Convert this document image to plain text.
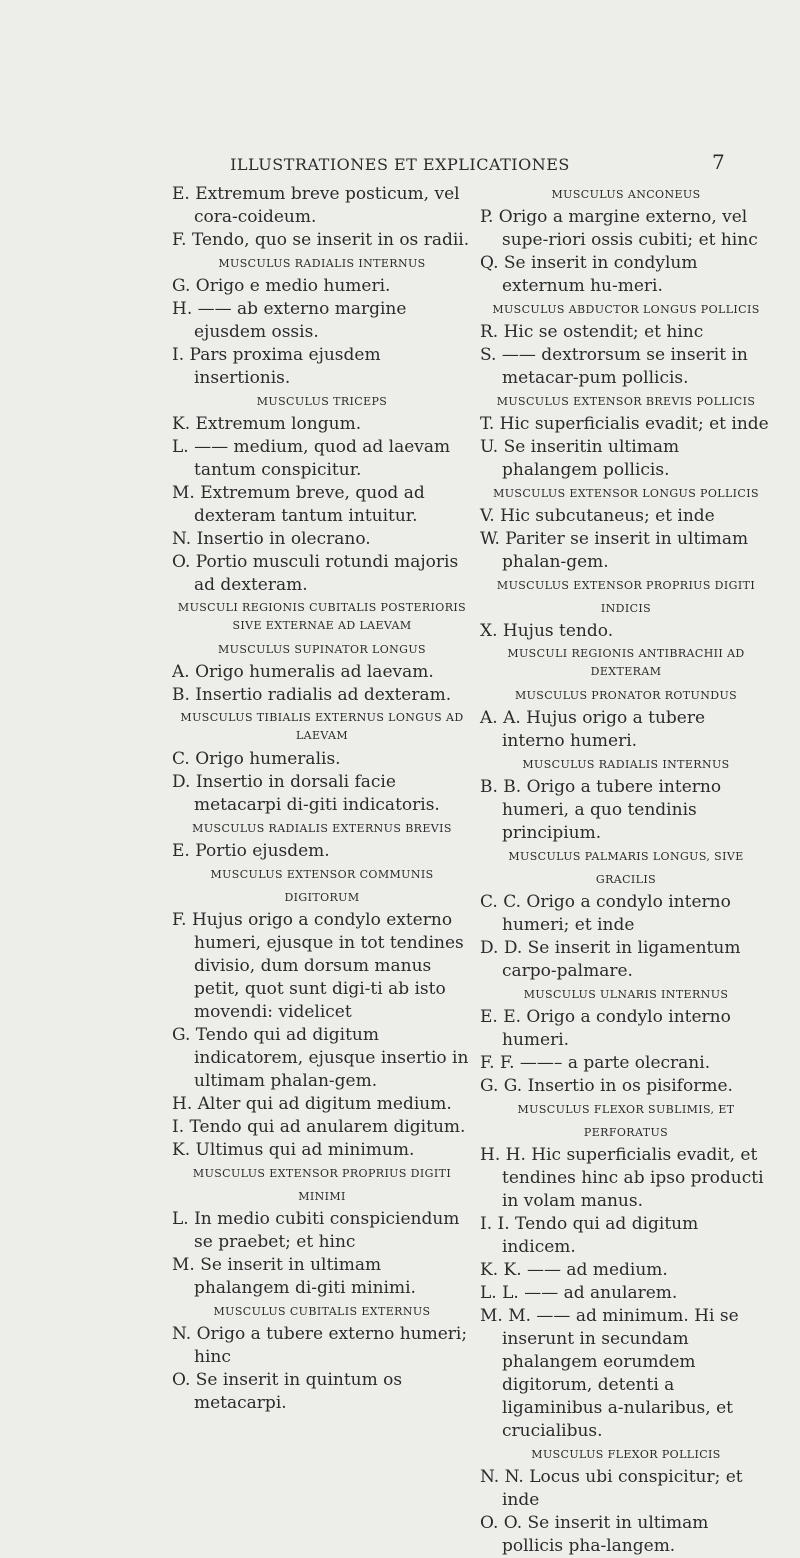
ILLUSTRATIONES ET EXPLICATIONES	7
E. Extremum breve posticum, vel cora-coideum.
F. Tendo, quo se inserit in os radii.
MUSCULUS RADIALIS INTERNUS
G. Origo e medio humeri.
H. —— ab externo margine ejusdem ossis.
I. Pars proxima ejusdem insertionis.
MUSCULUS TRICEPS
K. Extremum longum.
L. —— medium, quod ad laevam tantum conspicitur.
M. Extremum breve, quod ad dexteram tantum intuitur.
N. Insertio in olecrano.
O. Portio musculi rotundi majoris ad dexteram.
MUSCULI REGIONIS CUBITALIS POSTERIORIS SIVE EXTERNAE AD LAEVAM
MUSCULUS SUPINATOR LONGUS
A. Origo humeralis ad laevam.
B. Insertio radialis ad dexteram.
MUSCULUS TIBIALIS EXTERNUS LONGUS AD LAEVAM
C. Origo humeralis.
D. Insertio in dorsali facie metacarpi di-giti indicatoris.
MUSCULUS RADIALIS EXTERNUS BREVIS
E. Portio ejusdem.
MUSCULUS EXTENSOR COMMUNIS DIGITORUM
F. Hujus origo a condylo externo humeri, ejusque in tot tendines divisio, dum dorsum manus petit, quot sunt digi-ti ab isto movendi: videlicet
G. Tendo qui ad digitum indicatorem, ejusque insertio in ultimam phalan-gem.
H. Alter qui ad digitum medium.
I. Tendo qui ad anularem digitum.
K. Ultimus qui ad minimum.
MUSCULUS EXTENSOR PROPRIUS DIGITI MINIMI
L. In medio cubiti conspiciendum se praebet; et hinc
M. Se inserit in ultimam phalangem di-giti minimi.
MUSCULUS CUBITALIS EXTERNUS
N. Origo a tubere externo humeri; hinc
O. Se inserit in quintum os metacarpi.
MUSCULUS ANCONEUS
P. Origo a margine externo, vel supe-riori ossis cubiti; et hinc
Q. Se inserit in condylum externum hu-meri.
MUSCULUS ABDUCTOR LONGUS POLLICIS
R. Hic se ostendit; et hinc
S. —— dextrorsum se inserit in metacar-pum pollicis.
MUSCULUS EXTENSOR BREVIS POLLICIS
T. Hic superficialis evadit; et inde
U. Se inseritin ultimam phalangem pollicis.
MUSCULUS EXTENSOR LONGUS POLLICIS
V. Hic subcutaneus; et inde
W. Pariter se inserit in ultimam phalan-gem.
MUSCULUS EXTENSOR PROPRIUS DIGITI INDICIS
X. Hujus tendo.
MUSCULI REGIONIS ANTIBRACHII AD DEXTERAM
MUSCULUS PRONATOR ROTUNDUS
A. A. Hujus origo a tubere interno humeri.
MUSCULUS RADIALIS INTERNUS
B. B. Origo a tubere interno humeri, a quo tendinis principium.
MUSCULUS PALMARIS LONGUS, SIVE GRACILIS
C. C. Origo a condylo interno humeri; et inde
D. D. Se inserit in ligamentum carpo-palmare.
MUSCULUS ULNARIS INTERNUS
E. E. Origo a condylo interno humeri.
F. F. ——– a parte olecrani.
G. G. Insertio in os pisiforme.
MUSCULUS FLEXOR SUBLIMIS, ET PERFORATUS
H. H. Hic superficialis evadit, et tendines hinc ab ipso producti in volam manus.
I. I. Tendo qui ad digitum indicem.
K. K. —— ad medium.
L. L. —— ad anularem.
M. M. —— ad minimum. Hi se inserunt in secundam phalangem eorumdem digitorum, detenti a ligaminibus a-nularibus, et crucialibus.
MUSCULUS FLEXOR POLLICIS
N. N. Locus ubi conspicitur; et inde
O. O. Se inserit in ultimam pollicis pha-langem.
